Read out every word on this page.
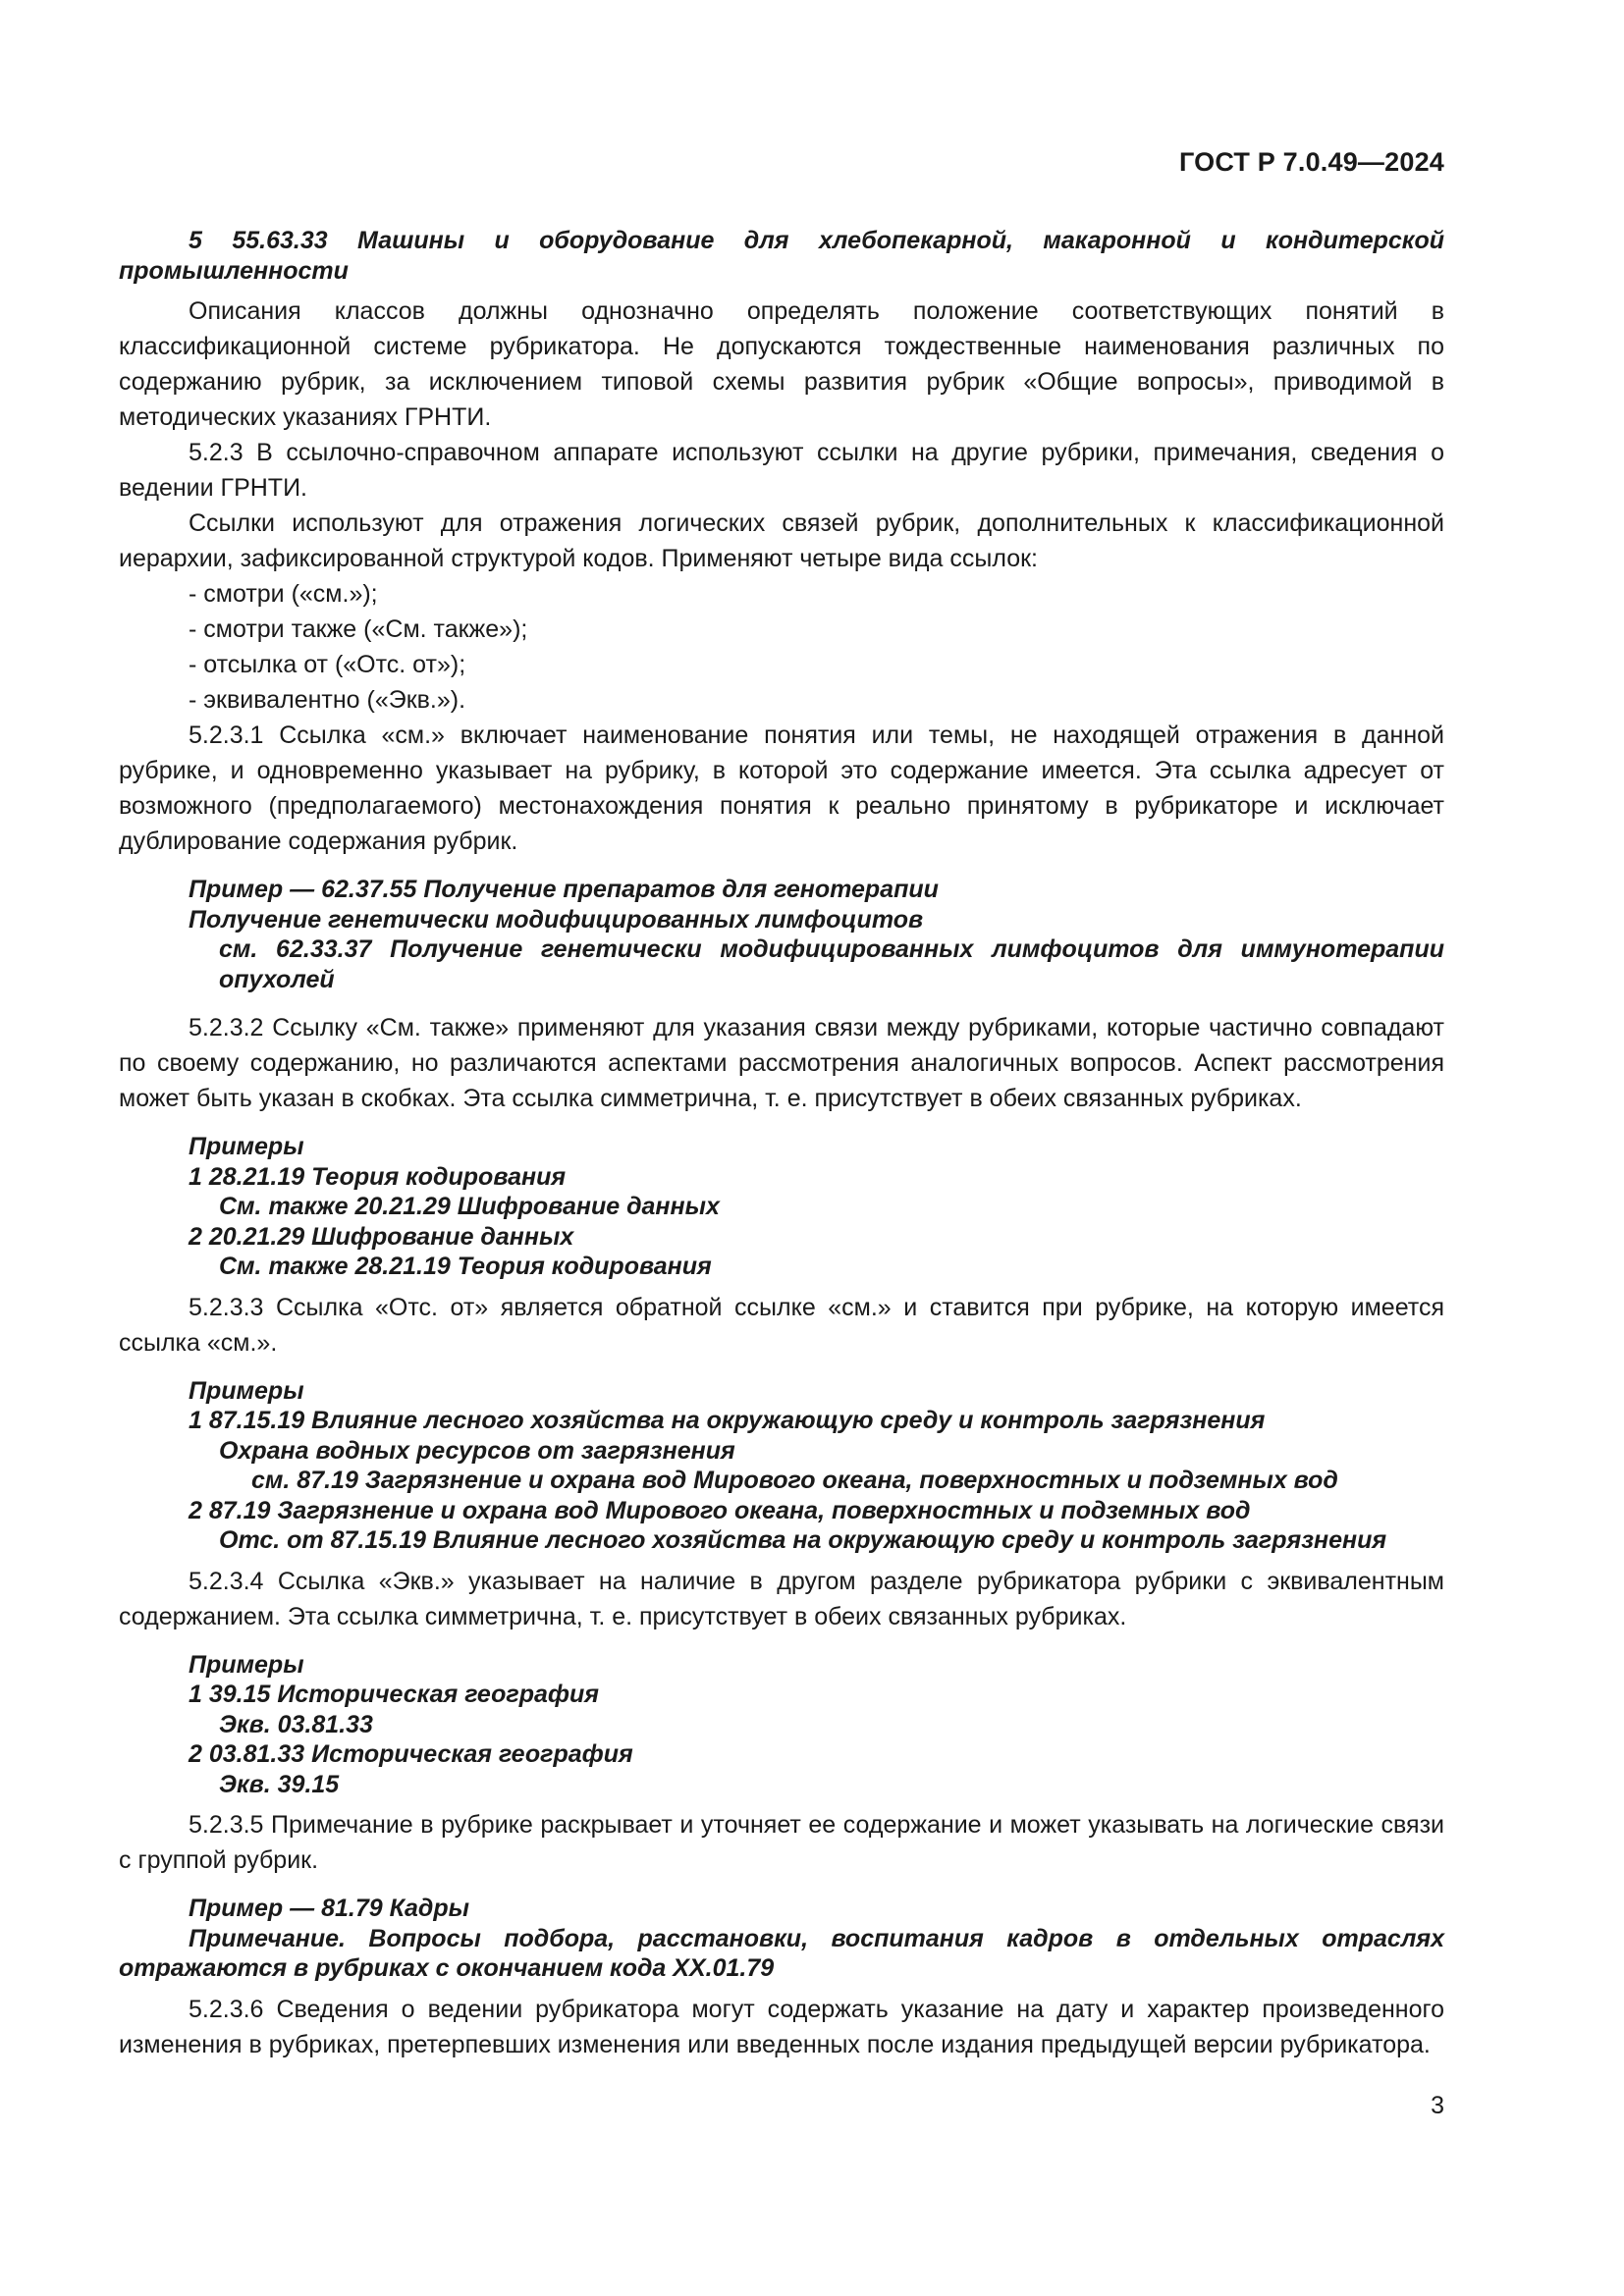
ГОСТ Р 7.0.49—2024

5 55.63.33 Машины и оборудование для хлебопекарной, макаронной и кондитерской промышленности

Описания классов должны однозначно определять положение соответствующих понятий в классификационной системе рубрикатора. Не допускаются тождественные наименования различных по содержанию рубрик, за исключением типовой схемы развития рубрик «Общие вопросы», приводимой в методических указаниях ГРНТИ.

5.2.3 В ссылочно-справочном аппарате используют ссылки на другие рубрики, примечания, сведения о ведении ГРНТИ.

Ссылки используют для отражения логических связей рубрик, дополнительных к классификационной иерархии, зафиксированной структурой кодов. Применяют четыре вида ссылок:

- смотри («см.»);

- смотри также («См. также»);

- отсылка от («Отс. от»);

- эквивалентно («Экв.»).

5.2.3.1 Ссылка «см.» включает наименование понятия или темы, не находящей отражения в данной рубрике, и одновременно указывает на рубрику, в которой это содержание имеется. Эта ссылка адресует от возможного (предполагаемого) местонахождения понятия к реально принятому в рубрикаторе и исключает дублирование содержания рубрик.

Пример — 62.37.55 Получение препаратов для генотерапии

Получение генетически модифицированных лимфоцитов

см. 62.33.37 Получение генетически модифицированных лимфоцитов для иммунотерапии опухолей

5.2.3.2 Ссылку «См. также» применяют для указания связи между рубриками, которые частично совпадают по своему содержанию, но различаются аспектами рассмотрения аналогичных вопросов. Аспект рассмотрения может быть указан в скобках. Эта ссылка симметрична, т. е. присутствует в обеих связанных рубриках.

Примеры

1 28.21.19 Теория кодирования

См. также 20.21.29 Шифрование данных

2 20.21.29 Шифрование данных

См. также 28.21.19 Теория кодирования

5.2.3.3 Ссылка «Отс. от» является обратной ссылке «см.» и ставится при рубрике, на которую имеется ссылка «см.».

Примеры

1 87.15.19 Влияние лесного хозяйства на окружающую среду и контроль загрязнения

Охрана водных ресурсов от загрязнения

см. 87.19 Загрязнение и охрана вод Мирового океана, поверхностных и подземных вод

2 87.19 Загрязнение и охрана вод Мирового океана, поверхностных и подземных вод

Отс. от 87.15.19 Влияние лесного хозяйства на окружающую среду и контроль загрязнения

5.2.3.4 Ссылка «Экв.» указывает на наличие в другом разделе рубрикатора рубрики с эквивалентным содержанием. Эта ссылка симметрична, т. е. присутствует в обеих связанных рубриках.

Примеры

1 39.15 Историческая география

Экв. 03.81.33

2 03.81.33 Историческая география

Экв. 39.15

5.2.3.5 Примечание в рубрике раскрывает и уточняет ее содержание и может указывать на логические связи с группой рубрик.

Пример — 81.79 Кадры

Примечание. Вопросы подбора, расстановки, воспитания кадров в отдельных отраслях отражаются в рубриках с окончанием кода XX.01.79

5.2.3.6 Сведения о ведении рубрикатора могут содержать указание на дату и характер произведенного изменения в рубриках, претерпевших изменения или введенных после издания предыдущей версии рубрикатора.

3
